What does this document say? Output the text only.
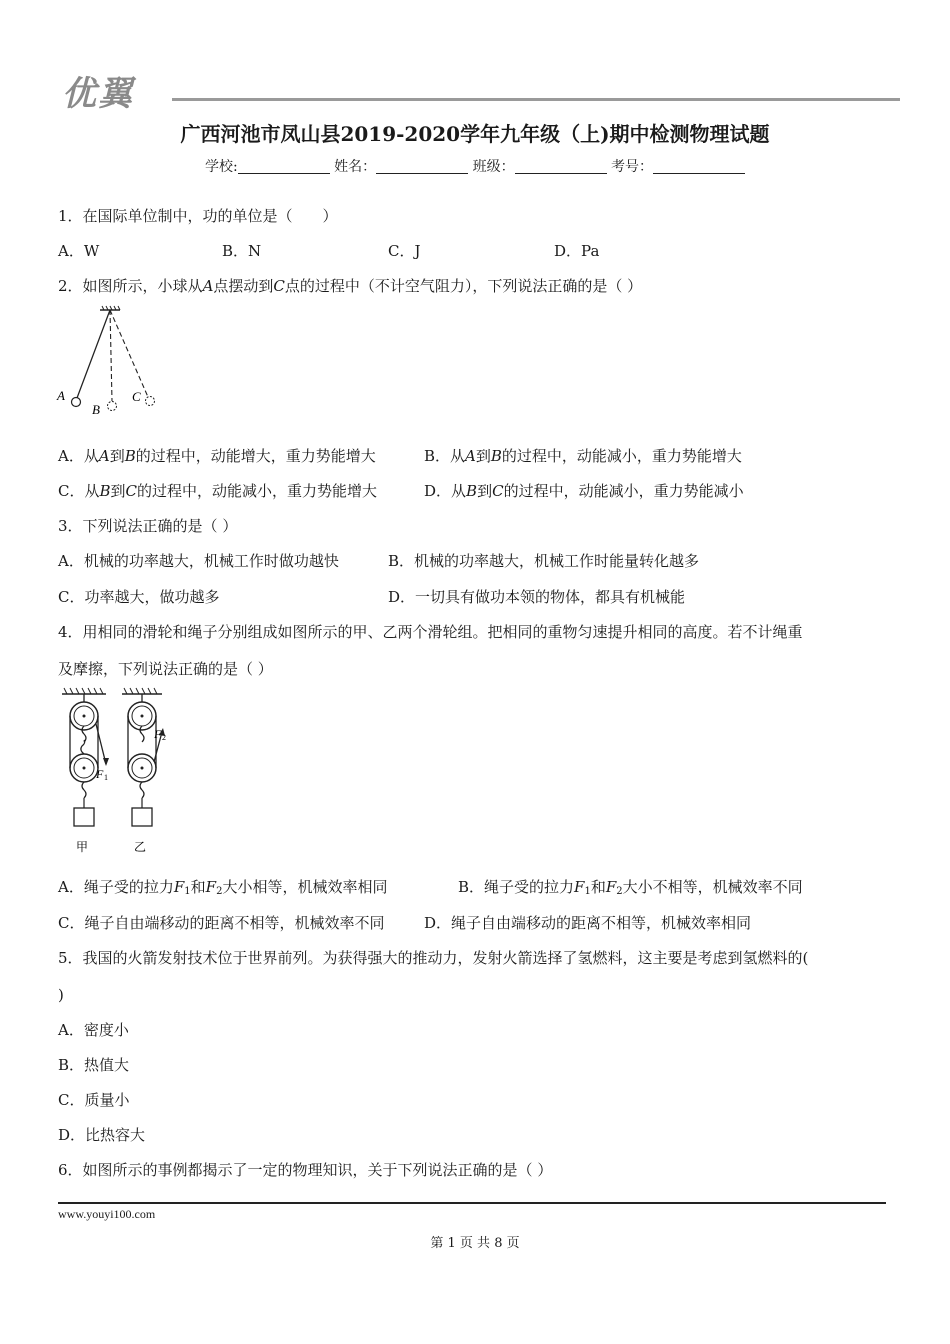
优翼
广西河池市凤山县2019-2020学年九年级（上)期中检测物理试题
学校:	姓名：	班级：	考号：
1．在国际单位制中，功的单位是（　　）
A．W	B．N	C．J	D．Pa
2．如图所示，小球从A点摆动到C点的过程中（不计空气阻力），下列说法正确的是（ ）
A
B
C
A．从A到B的过程中，动能增大，重力势能增大	B．从A到B的过程中，动能减小，重力势能增大
C．从B到C的过程中，动能减小，重力势能增大	D．从B到C的过程中，动能减小，重力势能减小
3．下列说法正确的是（ ）
A．机械的功率越大，机械工作时做功越快	B．机械的功率越大，机械工作时能量转化越多
C．功率越大，做功越多	D．一切具有做功本领的物体，都具有机械能
4．用相同的滑轮和绳子分别组成如图所示的甲、乙两个滑轮组。把相同的重物匀速提升相同的高度。若不计绳重
及摩擦，下列说法正确的是（ ）
F 1
甲
F 2
乙
A．绳子受的拉力$F_1$和$F_2$大小相等，机械效率相同	B．绳子受的拉力$F_1$和$F_2$大小不相等，机械效率不同
C．绳子自由端移动的距离不相等，机械效率不同	D．绳子自由端移动的距离不相等，机械效率相同
5．我国的火箭发射技术位于世界前列。为获得强大的推动力，发射火箭选择了氢燃料，这主要是考虑到氢燃料的(
)
A．密度小
B．热值大
C．质量小
D．比热容大
6．如图所示的事例都揭示了一定的物理知识，关于下列说法正确的是（ ）
www.youyi100.com
第 1 页 共 8 页
